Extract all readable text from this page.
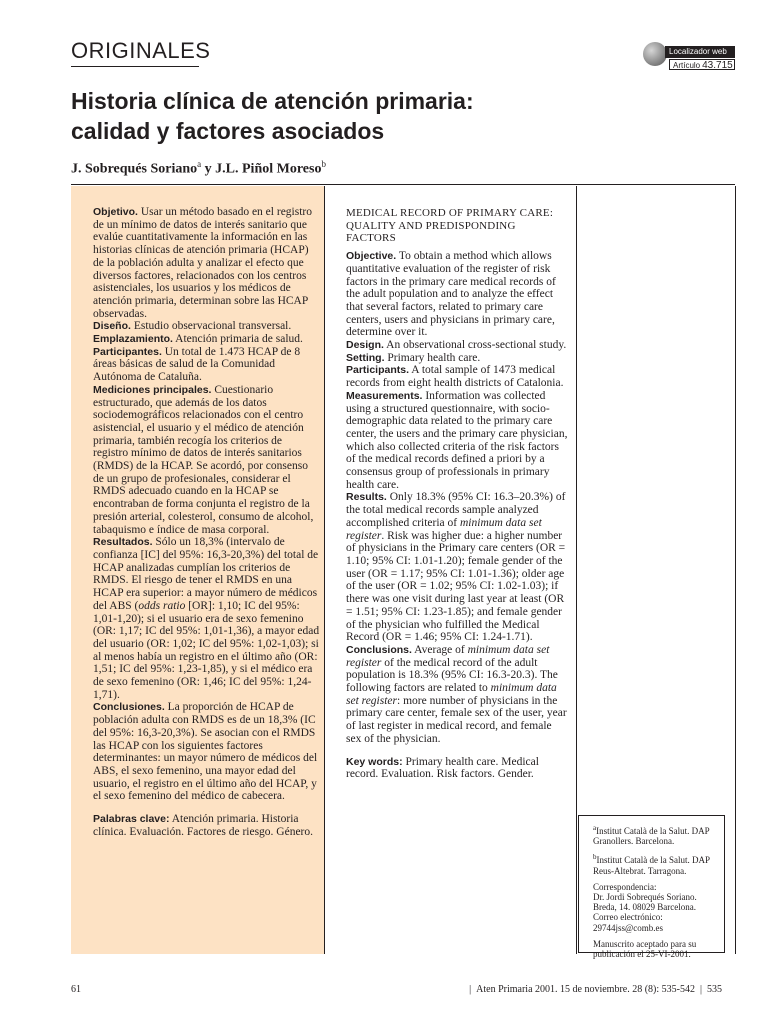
ORIGINALES	Localizador web
Artículo 43.715
Historia clínica de atención primaria:
calidad y factores asociados
J. Sobrequés Soriano$^a$ y J.L. Piñol Moreso$^b$

Objetivo. Usar un método basado en el registro de un mínimo de datos de interés sanitario que evalúe cuantitativamente la información en las historias clínicas de atención primaria (HCAP) de la población adulta y analizar el efecto que diversos factores, relacionados con los centros asistenciales, los usuarios y los médicos de atención primaria, determinan sobre las HCAP observadas.

Diseño. Estudio observacional transversal.

Emplazamiento. Atención primaria de salud.

Participantes. Un total de 1.473 HCAP de 8 áreas básicas de salud de la Comunidad Autónoma de Cataluña.

Mediciones principales. Cuestionario estructurado, que además de los datos sociodemográficos relacionados con el centro asistencial, el usuario y el médico de atención primaria, también recogía los criterios de registro mínimo de datos de interés sanitarios (RMDS) de la HCAP. Se acordó, por consenso de un grupo de profesionales, considerar el RMDS adecuado cuando en la HCAP se encontraban de forma conjunta el registro de la presión arterial, colesterol, consumo de alcohol, tabaquismo e índice de masa corporal.

Resultados. Sólo un 18,3% (intervalo de confianza [IC] del 95%: 16,3-20,3%) del total de HCAP analizadas cumplían los criterios de RMDS. El riesgo de tener el RMDS en una HCAP era superior: a mayor número de médicos del ABS (odds ratio [OR]: 1,10; IC del 95%: 1,01-1,20); si el usuario era de sexo femenino (OR: 1,17; IC del 95%: 1,01-1,36), a mayor edad del usuario (OR: 1,02; IC del 95%: 1,02-1,03); si al menos había un registro en el último año (OR: 1,51; IC del 95%: 1,23-1,85), y si el médico era de sexo femenino (OR: 1,46; IC del 95%: 1,24-1,71).

Conclusiones. La proporción de HCAP de población adulta con RMDS es de un 18,3% (IC del 95%: 16,3-20,3%). Se asocian con el RMDS las HCAP con los siguientes factores determinantes: un mayor número de médicos del ABS, el sexo femenino, una mayor edad del usuario, el registro en el último año del HCAP, y el sexo femenino del médico de cabecera.

Palabras clave: Atención primaria. Historia clínica. Evaluación. Factores de riesgo. Género.

MEDICAL RECORD OF PRIMARY CARE: QUALITY AND PREDISPONDING FACTORS

Objective. To obtain a method which allows quantitative evaluation of the register of risk factors in the primary care medical records of the adult population and to analyze the effect that several factors, related to primary care centers, users and physicians in primary care, determine over it.

Design. An observational cross-sectional study.

Setting. Primary health care.

Participants. A total sample of 1473 medical records from eight health districts of Catalonia.

Measurements. Information was collected using a structured questionnaire, with socio-demographic data related to the primary care center, the users and the primary care physician, which also collected criteria of the risk factors of the medical records defined a priori by a consensus group of professionals in primary health care.

Results. Only 18.3% (95% CI: 16.3–20.3%) of the total medical records sample analyzed accomplished criteria of minimum data set register. Risk was higher due: a higher number of physicians in the Primary care centers (OR = 1.10; 95% CI: 1.01-1.20); female gender of the user (OR = 1.17; 95% CI: 1.01-1.36); older age of the user (OR = 1.02; 95% CI: 1.02-1.03); if there was one visit during last year at least (OR = 1.51; 95% CI: 1.23-1.85); and female gender of the physician who fulfilled the Medical Record (OR = 1.46; 95% CI: 1.24-1.71).

Conclusions. Average of minimum data set register of the medical record of the adult population is 18.3% (95% CI: 16.3-20.3). The following factors are related to minimum data set register: more number of physicians in the primary care center, female sex of the user, year of last register in medical record, and female sex of the physician.

Key words: Primary health care. Medical record. Evaluation. Risk factors. Gender.

$^a$Institut Català de la Salut. DAP Granollers. Barcelona.

$^b$Institut Català de la Salut. DAP Reus-Altebrat. Tarragona.

Correspondencia:
Dr. Jordi Sobrequés Soriano.
Breda, 14. 08029 Barcelona.
Correo electrónico:
29744jss@comb.es

Manuscrito aceptado para su publicación el 25-VI-2001.

61	| Aten Primaria 2001. 15 de noviembre. 28 (8): 535-542 | 535
